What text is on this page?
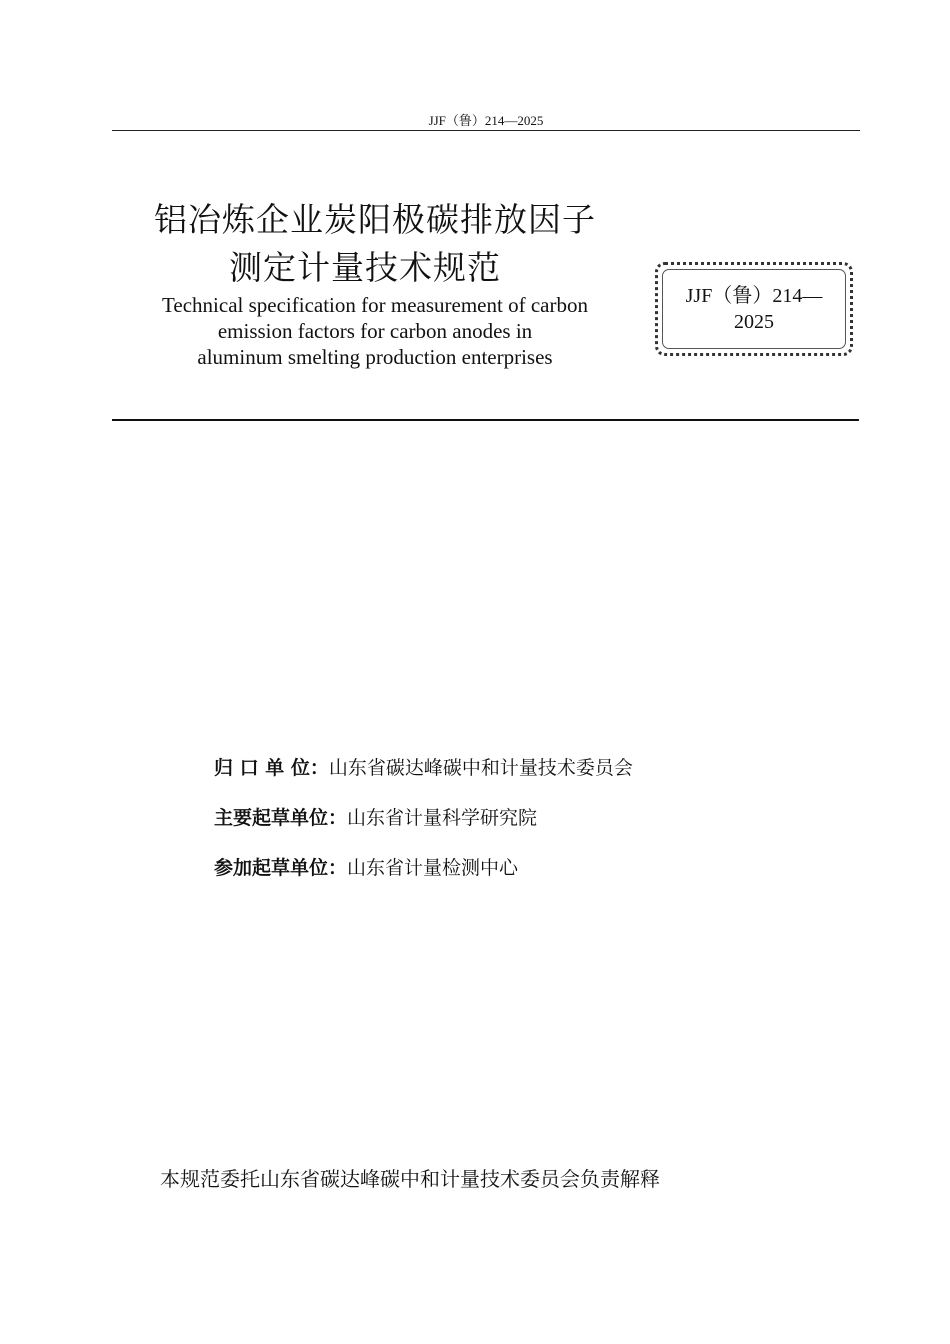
JJF（鲁）214—2025
铝冶炼企业炭阳极碳排放因子
测定计量技术规范
Technical specification for measurement of carbon
emission factors for carbon anodes in
aluminum smelting production enterprises
JJF（鲁）214—
2025
归 口 单 位： 山东省碳达峰碳中和计量技术委员会
主要起草单位： 山东省计量科学研究院
参加起草单位： 山东省计量检测中心
本规范委托山东省碳达峰碳中和计量技术委员会负责解释
